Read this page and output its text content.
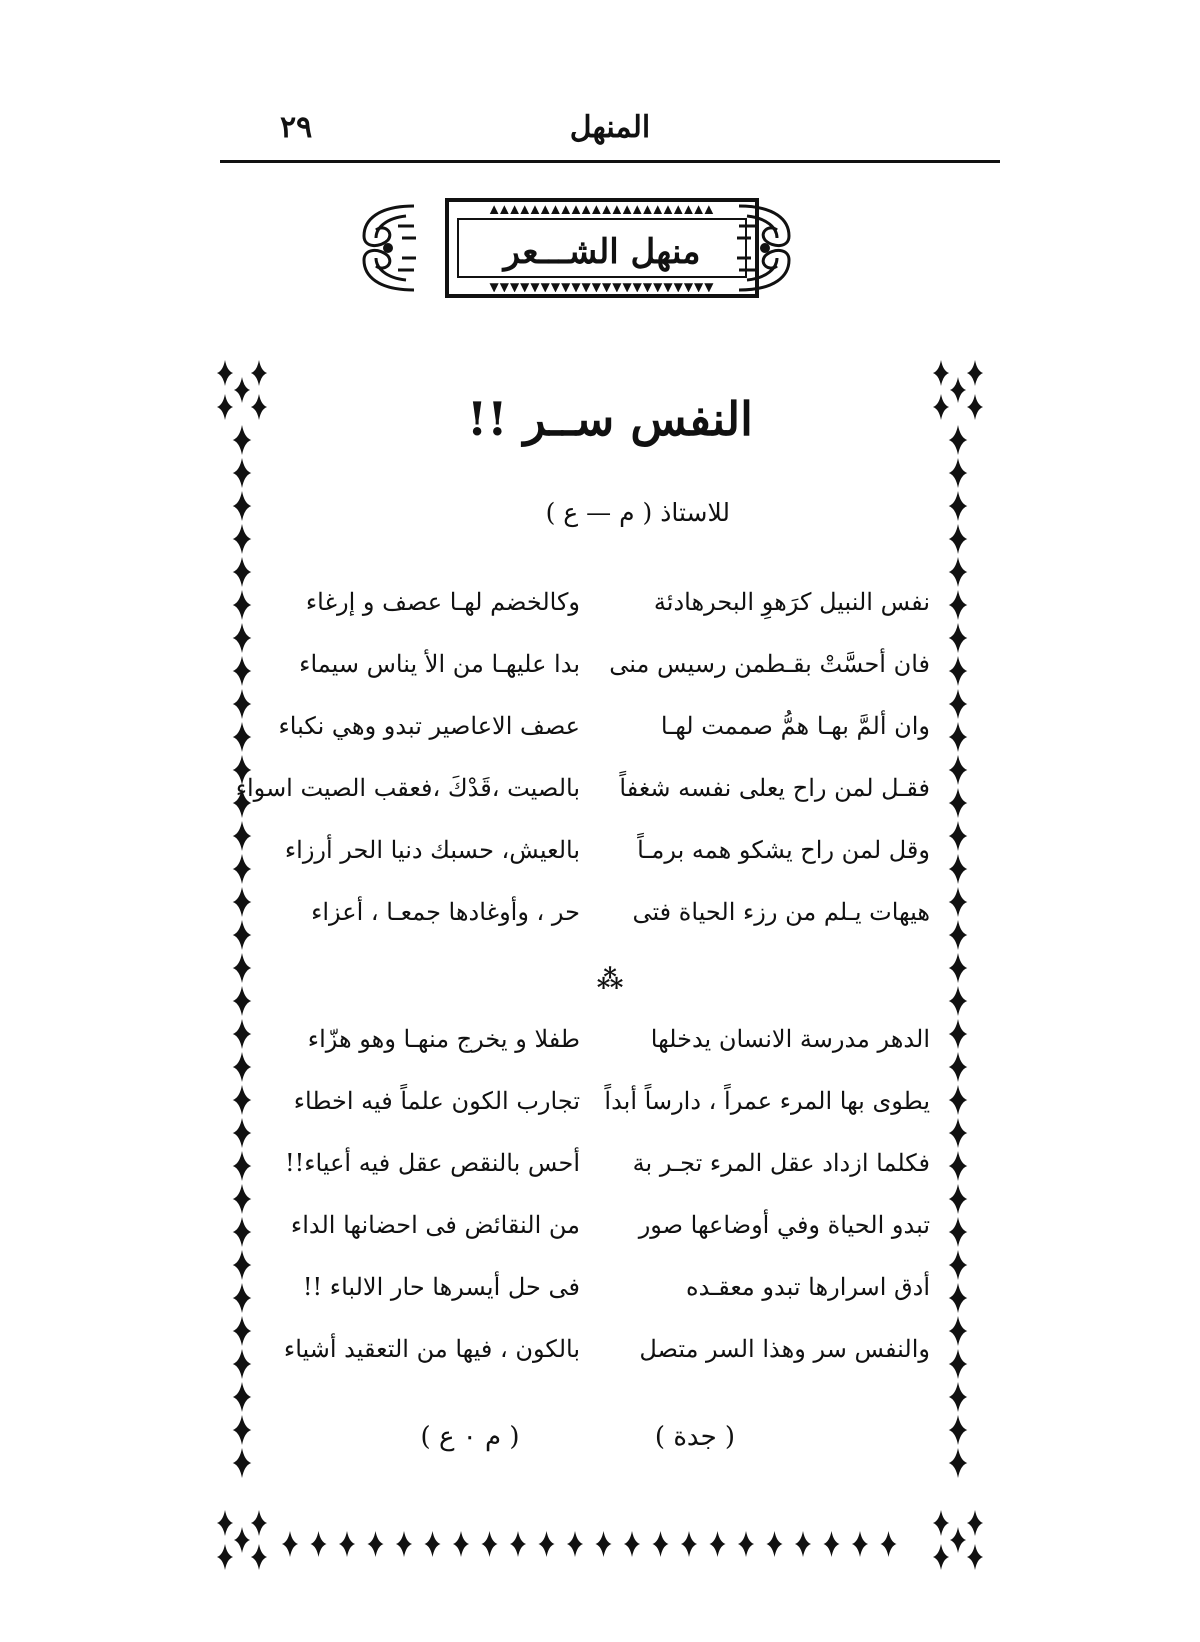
المنهل
٢٩
▲▲▲▲▲▲▲▲▲▲▲▲▲▲▲▲▲▲▲▲▲▲
منهل الشـــعر
▼▼▼▼▼▼▼▼▼▼▼▼▼▼▼▼▼▼▼▼▼▼
النفس ســر !!
للاستاذ ( م — ع )
نفس النبيل كرَهوِ البحرهادئة
وكالخضم لهـا عصف و إرغاء
فان أحسَّتْ بقـطمن رسيس منى
بدا عليهـا من الأ يناس سيماء
وان ألمَّ بهـا همُّ صممت لهـا
عصف الاعاصير تبدو وهي نكباء
فقـل لمن راح يعلى نفسه شغفاً
بالصيت ،قَدْكَ ،فعقب الصيت اسواء
وقل لمن راح يشكو همه برمـاً
بالعيش، حسبك دنيا الحر أرزاء
هيهات يـلم من رزء الحياة فتى
حر ، وأوغادها جمعـا ، أعزاء
⁂
الدهر مدرسة الانسان يدخلها
طفلا و يخرج منهـا وهو هزّاء
يطوى بها المرء عمراً ، دارساً أبداً
تجارب الكون علماً فيه اخطاء
فكلما ازداد عقل المرء تجـر بة
أحس بالنقص عقل فيه أعياء!!
تبدو الحياة وفي أوضاعها صور
من النقائض فى احضانها الداء
أدق اسرارها تبدو معقـده
فى حل أيسرها حار الالباء !!
والنفس سر وهذا السر متصل
بالكون ، فيها من التعقيد أشياء
( جدة )
( م ٠ ع )
